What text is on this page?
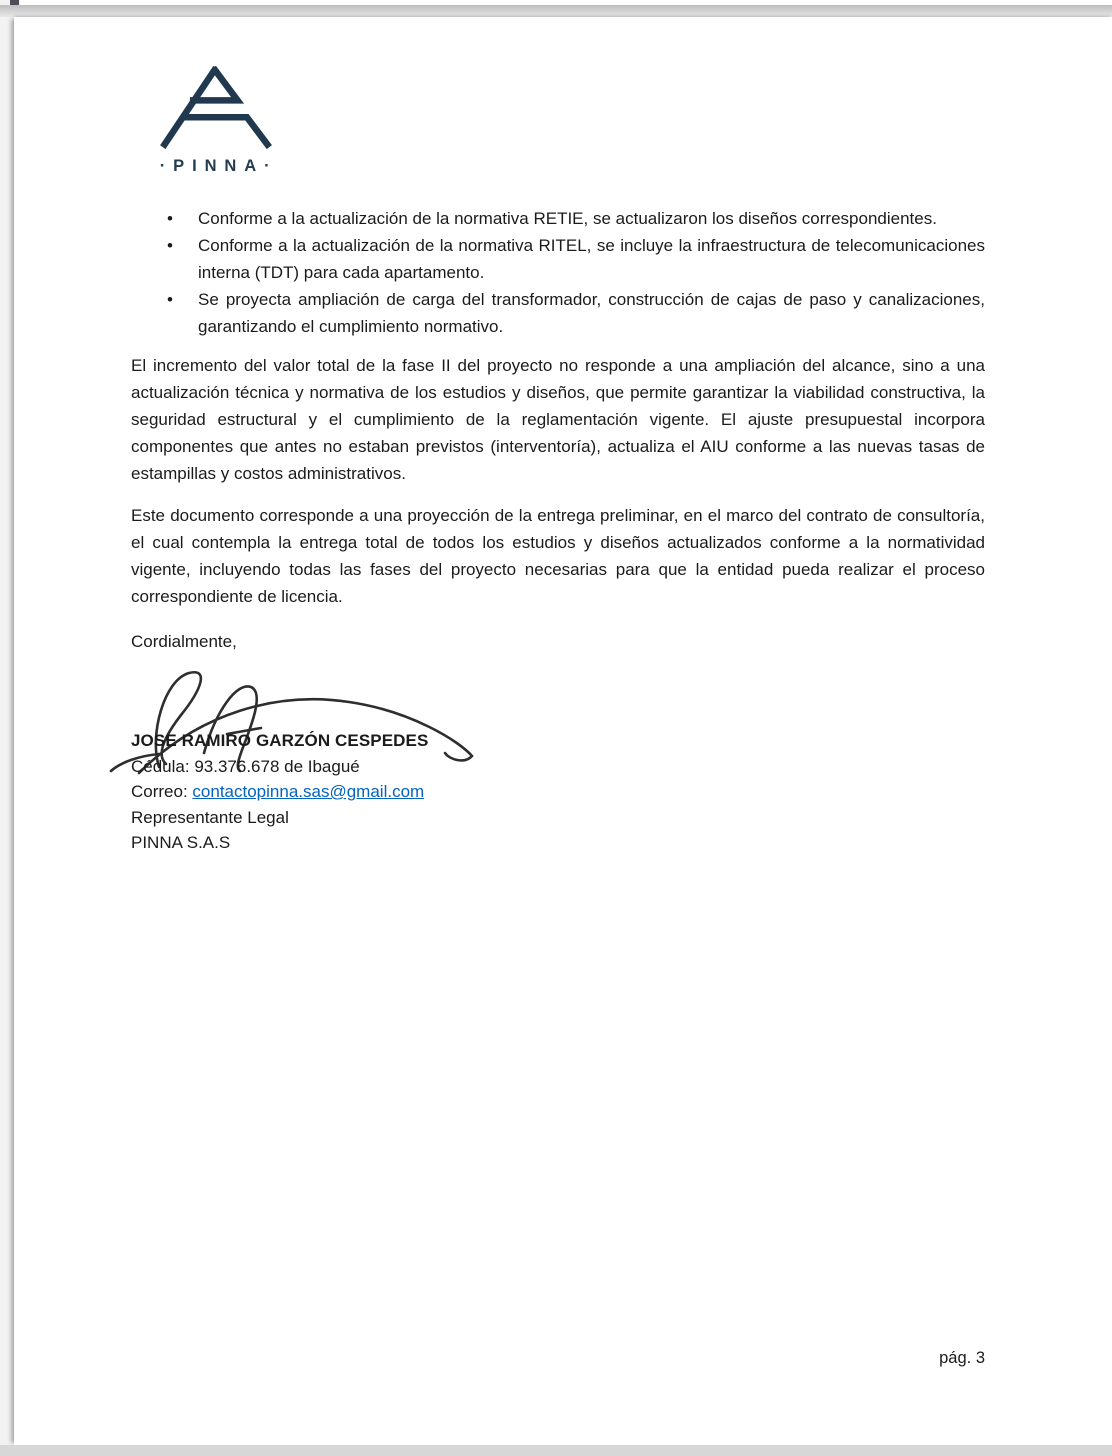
·PINNA·
• Conforme a la actualización de la normativa RETIE, se actualizaron los diseños correspondientes.
• Conforme a la actualización de la normativa RITEL, se incluye la infraestructura de telecomunicaciones interna (TDT) para cada apartamento.
• Se proyecta ampliación de carga del transformador, construcción de cajas de paso y canalizaciones, garantizando el cumplimiento normativo.

El incremento del valor total de la fase II del proyecto no responde a una ampliación del alcance, sino a una actualización técnica y normativa de los estudios y diseños, que permite garantizar la viabilidad constructiva, la seguridad estructural y el cumplimiento de la reglamentación vigente. El ajuste presupuestal incorpora componentes que antes no estaban previstos (interventoría), actualiza el AIU conforme a las nuevas tasas de estampillas y costos administrativos.

Este documento corresponde a una proyección de la entrega preliminar, en el marco del contrato de consultoría, el cual contempla la entrega total de todos los estudios y diseños actualizados conforme a la normatividad vigente, incluyendo todas las fases del proyecto necesarias para que la entidad pueda realizar el proceso correspondiente de licencia.

Cordialmente,
JOSE RAMIRO GARZÓN CESPEDES
Cédula: 93.376.678 de Ibagué
Correo: contactopinna.sas@gmail.com
Representante Legal
PINNA S.A.S
pág. 3
